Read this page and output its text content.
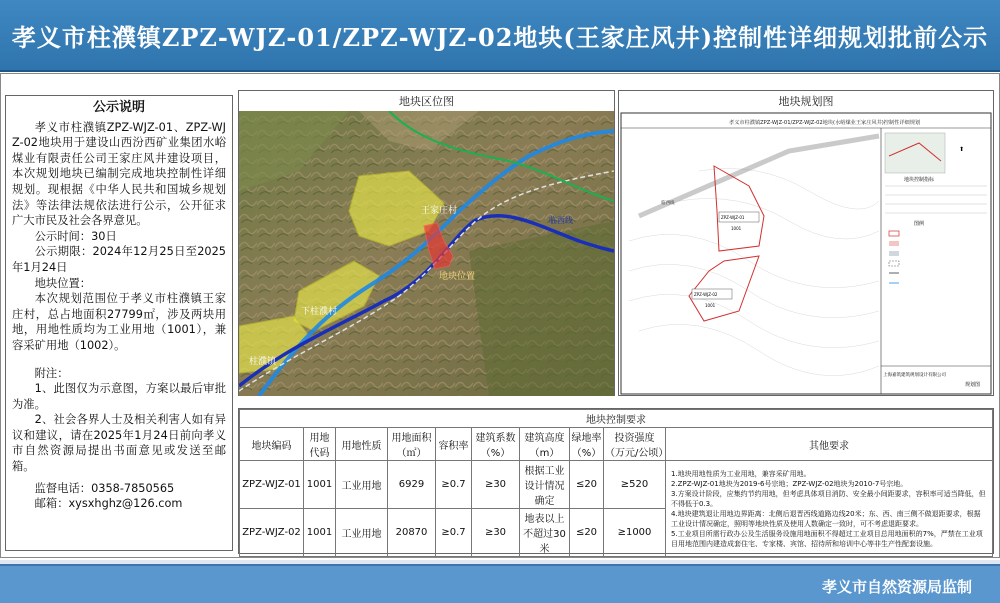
孝义市柱濮镇ZPZ-WJZ-01/ZPZ-WJZ-02地块(王家庄风井)控制性详细规划批前公示
公示说明

孝义市柱濮镇ZPZ-WJZ-01、ZPZ-WJZ-02地块用于建设山西汾西矿业集团水峪煤业有限责任公司王家庄风井建设项目，本次规划地块已编制完成地块控制性详细规划。现根据《中华人民共和国城乡规划法》等法律法规依法进行公示，公开征求广大市民及社会各界意见。

公示时间：30日

公示期限：2024年12月25日至2025年1月24日

地块位置：

本次规划范围位于孝义市柱濮镇王家庄村，总占地面积27799㎡，涉及两块用地，用地性质均为工业用地（1001），兼容采矿用地（1002）。

附注：

1、此图仅为示意图，方案以最后审批为准。

2、社会各界人士及相关利害人如有异议和建议，请在2025年1月24日前向孝义市自然资源局提出书面意见或发送至邮箱。

监督电话：0358-7850565

邮箱：xysxhghz@126.com

地块区位图
王家庄村
地块位置
下柱濮村
柱濮镇
临西线
地块规划图
孝义市柱濮镇ZPZ-WJZ-01/ZPZ-WJZ-02地块(水峪煤业王家庄风井)控制性详细规划
临西线
ZPZ-WJZ-01
1001
ZPZ-WJZ-02
1001
⬆
地块控制指标
图例
上海嘉筑建筑规划设计有限公司
规划图
地块控制要求									
地块编码	用地代码	用地性质	用地面积（㎡）	容积率	建筑系数（%）	建筑高度（m）	绿地率（%）	投资强度（万元/公顷）	其他要求
ZPZ-WJZ-01	1001	工业用地	6929	≥0.7	≥30	根据工业设计情况确定	≤20	≥520	1.地块用地性质为工业用地，兼容采矿用地。
2.ZPZ-WJZ-01地块为2019-6号宗地；ZPZ-WJZ-02地块为2010-7号宗地。
3.方案设计阶段，应集约节约用地，但考虑具体项目消防、安全最小间距要求，容积率可适当降低，但不得低于0.3。
4.地块建筑退让用地边界距离：北侧后退晋西线道路边线20米；东、西、南三侧不做退距要求，根据工业设计情况确定，照明等地块性质及使用人数确定一致时，可不考虑退距要求。
5.工业项目所需行政办公及生活服务设施用地面积不得超过工业项目总用地面积的7%，严禁在工业项目用地范围内建造成套住宅、专家楼、宾馆、招待所和培训中心等非生产性配套设施。

ZPZ-WJZ-02	1001	工业用地	20870	≥0.7	≥30	地表以上不超过30米	≤20	≥1000	
孝义市自然资源局监制
